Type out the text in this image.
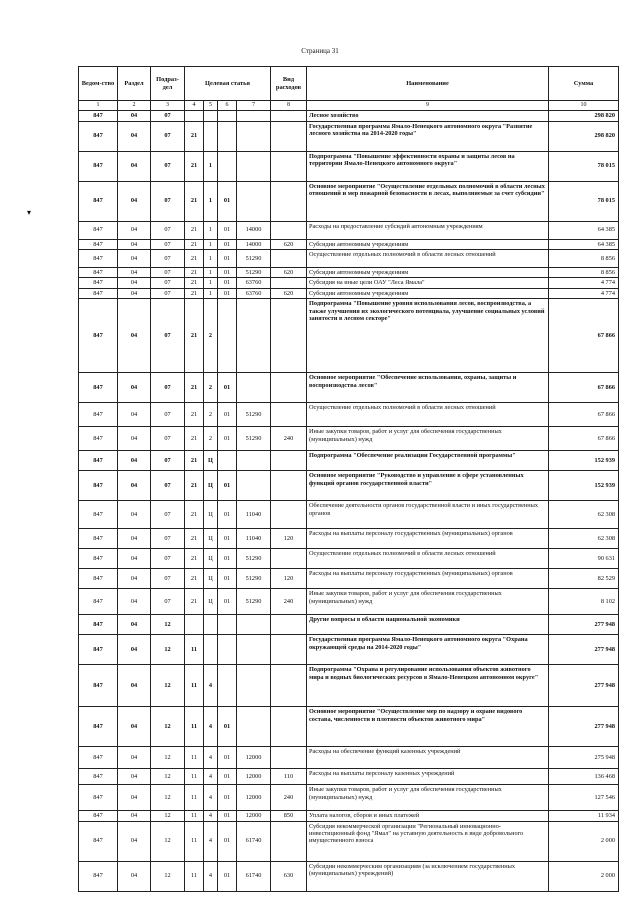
Страница 31
▾
Ведом-ство	Раздел	Подраз-дел	Целевая статья				Вид расходов	Наименование	Сумма
1	2	3	4	5	6	7	8	9	10
847	04	07						Лесное хозяйство	298 820
847	04	07	21					Государственная программа Ямало-Ненецкого автономного округа "Развитие лесного хозяйства на 2014-2020 годы"	298 820
847	04	07	21	1				Подпрограмма "Повышение эффективности охраны и защиты лесов на территории Ямало-Ненецкого автономного округа"	78 015
847	04	07	21	1	01			Основное мероприятие "Осуществление отдельных полномочий в области лесных отношений и мер пожарной безопасности в лесах, выполняемые за счет субсидии"	78 015
847	04	07	21	1	01	14000		Расходы на предоставление субсидий автономным учреждениям	64 385
847	04	07	21	1	01	14000	620	Субсидии автономным учреждениям	64 385
847	04	07	21	1	01	51290		Осуществление отдельных полномочий в области лесных отношений	8 856
847	04	07	21	1	01	51290	620	Субсидии автономным учреждениям	8 856
847	04	07	21	1	01	63760		Субсидия на иные цели ОАУ "Леса Ямала"	4 774
847	04	07	21	1	01	63760	620	Субсидии автономным учреждениям	4 774
847	04	07	21	2				Подпрограмма "Повышение уровня использования лесов, воспроизводства, а также улучшения их экологического потенциала, улучшение социальных условий занятости в лесном секторе"	67 866
847	04	07	21	2	01			Основное мероприятие "Обеспечение использования, охраны, защиты и воспроизводства лесов"	67 866
847	04	07	21	2	01	51290		Осуществление отдельных полномочий в области лесных отношений	67 866
847	04	07	21	2	01	51290	240	Иные закупки товаров, работ и услуг для обеспечения государственных (муниципальных) нужд	67 866
847	04	07	21	Ц				Подпрограмма "Обеспечение реализации Государственной программы"	152 939
847	04	07	21	Ц	01			Основное мероприятие "Руководство и управление в сфере установленных функций органов государственной власти"	152 939
847	04	07	21	Ц	01	11040		Обеспечение деятельности органов государственной власти и иных государственных органов	62 308
847	04	07	21	Ц	01	11040	120	Расходы на выплаты персоналу государственных (муниципальных) органов	62 308
847	04	07	21	Ц	01	51290		Осуществление отдельных полномочий в области лесных отношений	90 631
847	04	07	21	Ц	01	51290	120	Расходы на выплаты персоналу государственных (муниципальных) органов	82 529
847	04	07	21	Ц	01	51290	240	Иные закупки товаров, работ и услуг для обеспечения государственных (муниципальных) нужд	8 102
847	04	12						Другие вопросы в области национальной экономики	277 948
847	04	12	11					Государственная программа Ямало-Ненецкого автономного округа "Охрана окружающей среды на 2014-2020 годы"	277 948
847	04	12	11	4				Подпрограмма "Охрана и регулирование использования объектов животного мира и водных биологических ресурсов в Ямало-Ненецком автономном округе"	277 948
847	04	12	11	4	01			Основное мероприятие "Осуществление мер по надзору и охране видового состава, численности и плотности объектов животного мира"	277 948
847	04	12	11	4	01	12000		Расходы на обеспечение функций казенных учреждений	275 948
847	04	12	11	4	01	12000	110	Расходы на выплаты персоналу казенных учреждений	136 468
847	04	12	11	4	01	12000	240	Иные закупки товаров, работ и услуг для обеспечения государственных (муниципальных) нужд	127 546
847	04	12	11	4	01	12000	850	Уплата налогов, сборов и иных платежей	11 934
847	04	12	11	4	01	61740		Субсидия некоммерческой организации "Региональный инновационно-инвестиционный фонд "Ямал" на уставную деятельность в виде добровольного имущественного взноса	2 000
847	04	12	11	4	01	61740	630	Субсидии некоммерческим организациям (за исключением государственных (муниципальных) учреждений)	2 000
